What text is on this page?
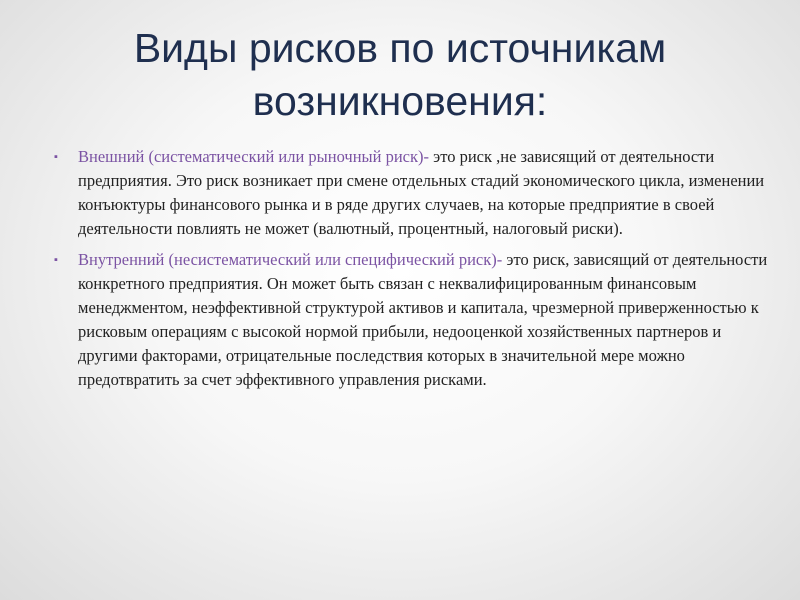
Виды рисков по источникам
возникновения:
▪ Внешний (систематический или рыночный риск)- это риск ,не зависящий от деятельности предприятия. Это риск возникает при смене отдельных стадий экономического цикла, изменении конъюктуры финансового рынка и в ряде других случаев, на которые предприятие в своей деятельности повлиять не может (валютный, процентный, налоговый риски).
▪ Внутренний (несистематический или специфический риск)- это риск, зависящий от деятельности конкретного предприятия. Он может быть связан с неквалифицированным финансовым менеджментом, неэффективной структурой активов и капитала, чрезмерной приверженностью к рисковым операциям с высокой нормой прибыли, недооценкой хозяйственных партнеров и другими факторами, отрицательные последствия которых в значительной мере можно предотвратить за счет эффективного управления рисками.
